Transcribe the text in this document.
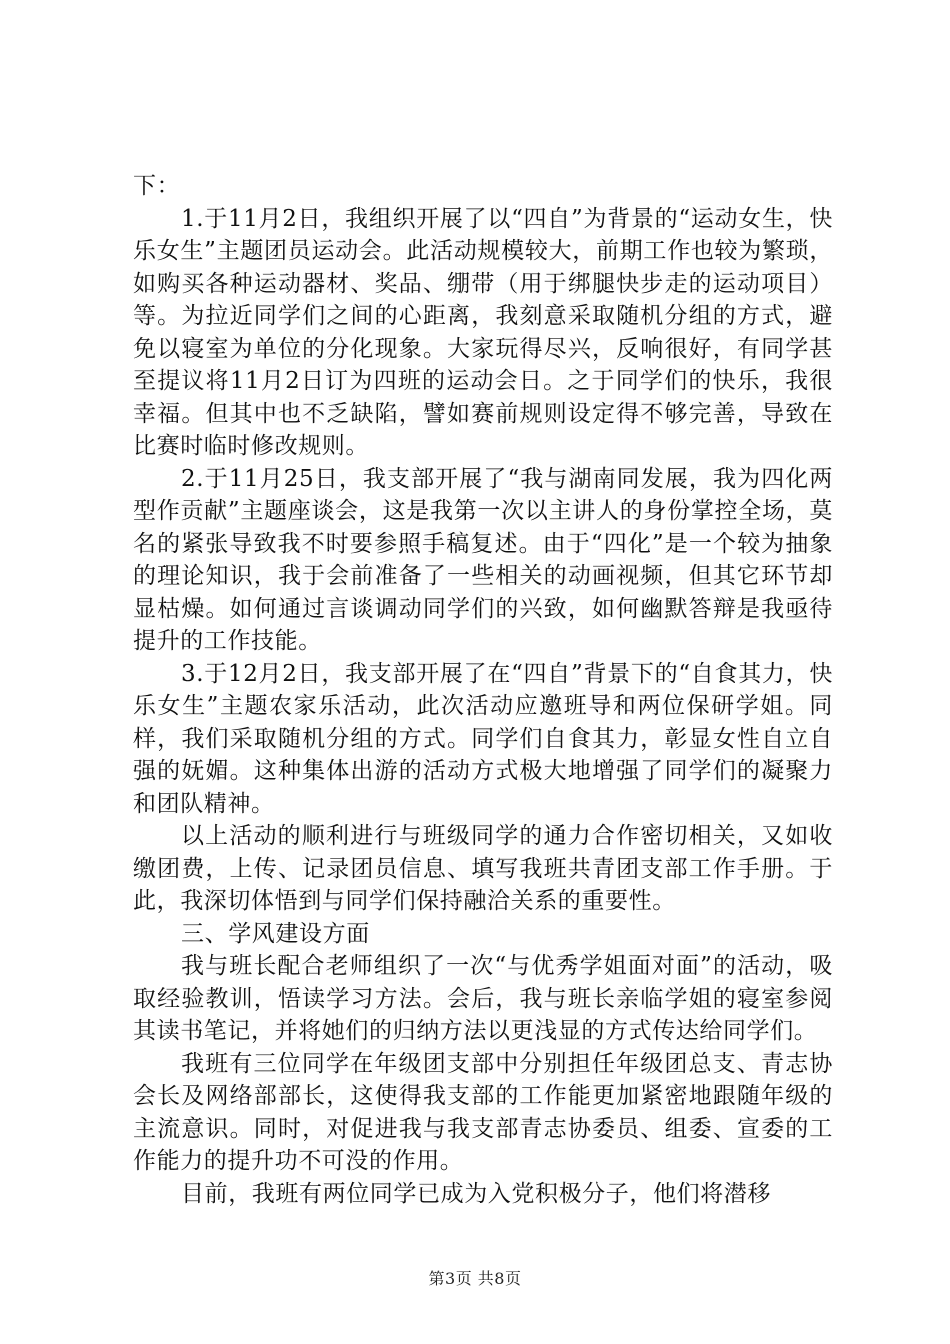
下：

1.于11月2日，我组织开展了以“四自”为背景的“运动女生，快乐女生”主题团员运动会。此活动规模较大，前期工作也较为繁琐，如购买各种运动器材、奖品、绷带（用于绑腿快步走的运动项目）等。为拉近同学们之间的心距离，我刻意采取随机分组的方式，避免以寝室为单位的分化现象。大家玩得尽兴，反响很好，有同学甚至提议将11月2日订为四班的运动会日。之于同学们的快乐，我很幸福。但其中也不乏缺陷，譬如赛前规则设定得不够完善，导致在比赛时临时修改规则。

2.于11月25日，我支部开展了“我与湖南同发展，我为四化两型作贡献”主题座谈会，这是我第一次以主讲人的身份掌控全场，莫名的紧张导致我不时要参照手稿复述。由于“四化”是一个较为抽象的理论知识，我于会前准备了一些相关的动画视频，但其它环节却显枯燥。如何通过言谈调动同学们的兴致，如何幽默答辩是我亟待提升的工作技能。

3.于12月2日，我支部开展了在“四自”背景下的“自食其力，快乐女生”主题农家乐活动，此次活动应邀班导和两位保研学姐。同样，我们采取随机分组的方式。同学们自食其力，彰显女性自立自强的妩媚。这种集体出游的活动方式极大地增强了同学们的凝聚力和团队精神。

以上活动的顺利进行与班级同学的通力合作密切相关，又如收缴团费，上传、记录团员信息、填写我班共青团支部工作手册。于此，我深切体悟到与同学们保持融洽关系的重要性。

三、学风建设方面

我与班长配合老师组织了一次“与优秀学姐面对面”的活动，吸取经验教训，悟读学习方法。会后，我与班长亲临学姐的寝室参阅其读书笔记，并将她们的归纳方法以更浅显的方式传达给同学们。

我班有三位同学在年级团支部中分别担任年级团总支、青志协会长及网络部部长，这使得我支部的工作能更加紧密地跟随年级的主流意识。同时，对促进我与我支部青志协委员、组委、宣委的工作能力的提升功不可没的作用。

目前，我班有两位同学已成为入党积极分子，他们将潜移

第3页 共8页
